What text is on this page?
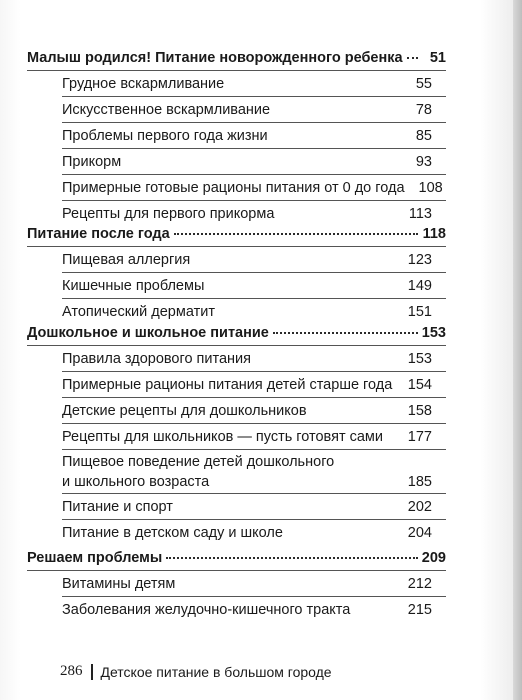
Малыш родился! Питание новорожденного ребенка	51
Грудное вскармливание	55
Искусственное вскармливание	78
Проблемы первого года жизни	85
Прикорм	93
Примерные готовые рационы питания от 0 до года 108
Рецепты для первого прикорма	113
Питание после года	118
Пищевая аллергия	123
Кишечные проблемы	149
Атопический дерматит	151
Дошкольное и школьное питание	153
Правила здорового питания	153
Примерные рационы питания детей старше года 154
Детские рецепты для дошкольников	158
Рецепты для школьников — пусть готовят сами 177
Пищевое поведение детей дошкольного
и школьного возраста	185
Питание и спорт	202
Питание в детском саду и школе	204
Решаем проблемы	209
Витамины детям	212
Заболевания желудочно-кишечного тракта	215
286 Детское питание в большом городе
